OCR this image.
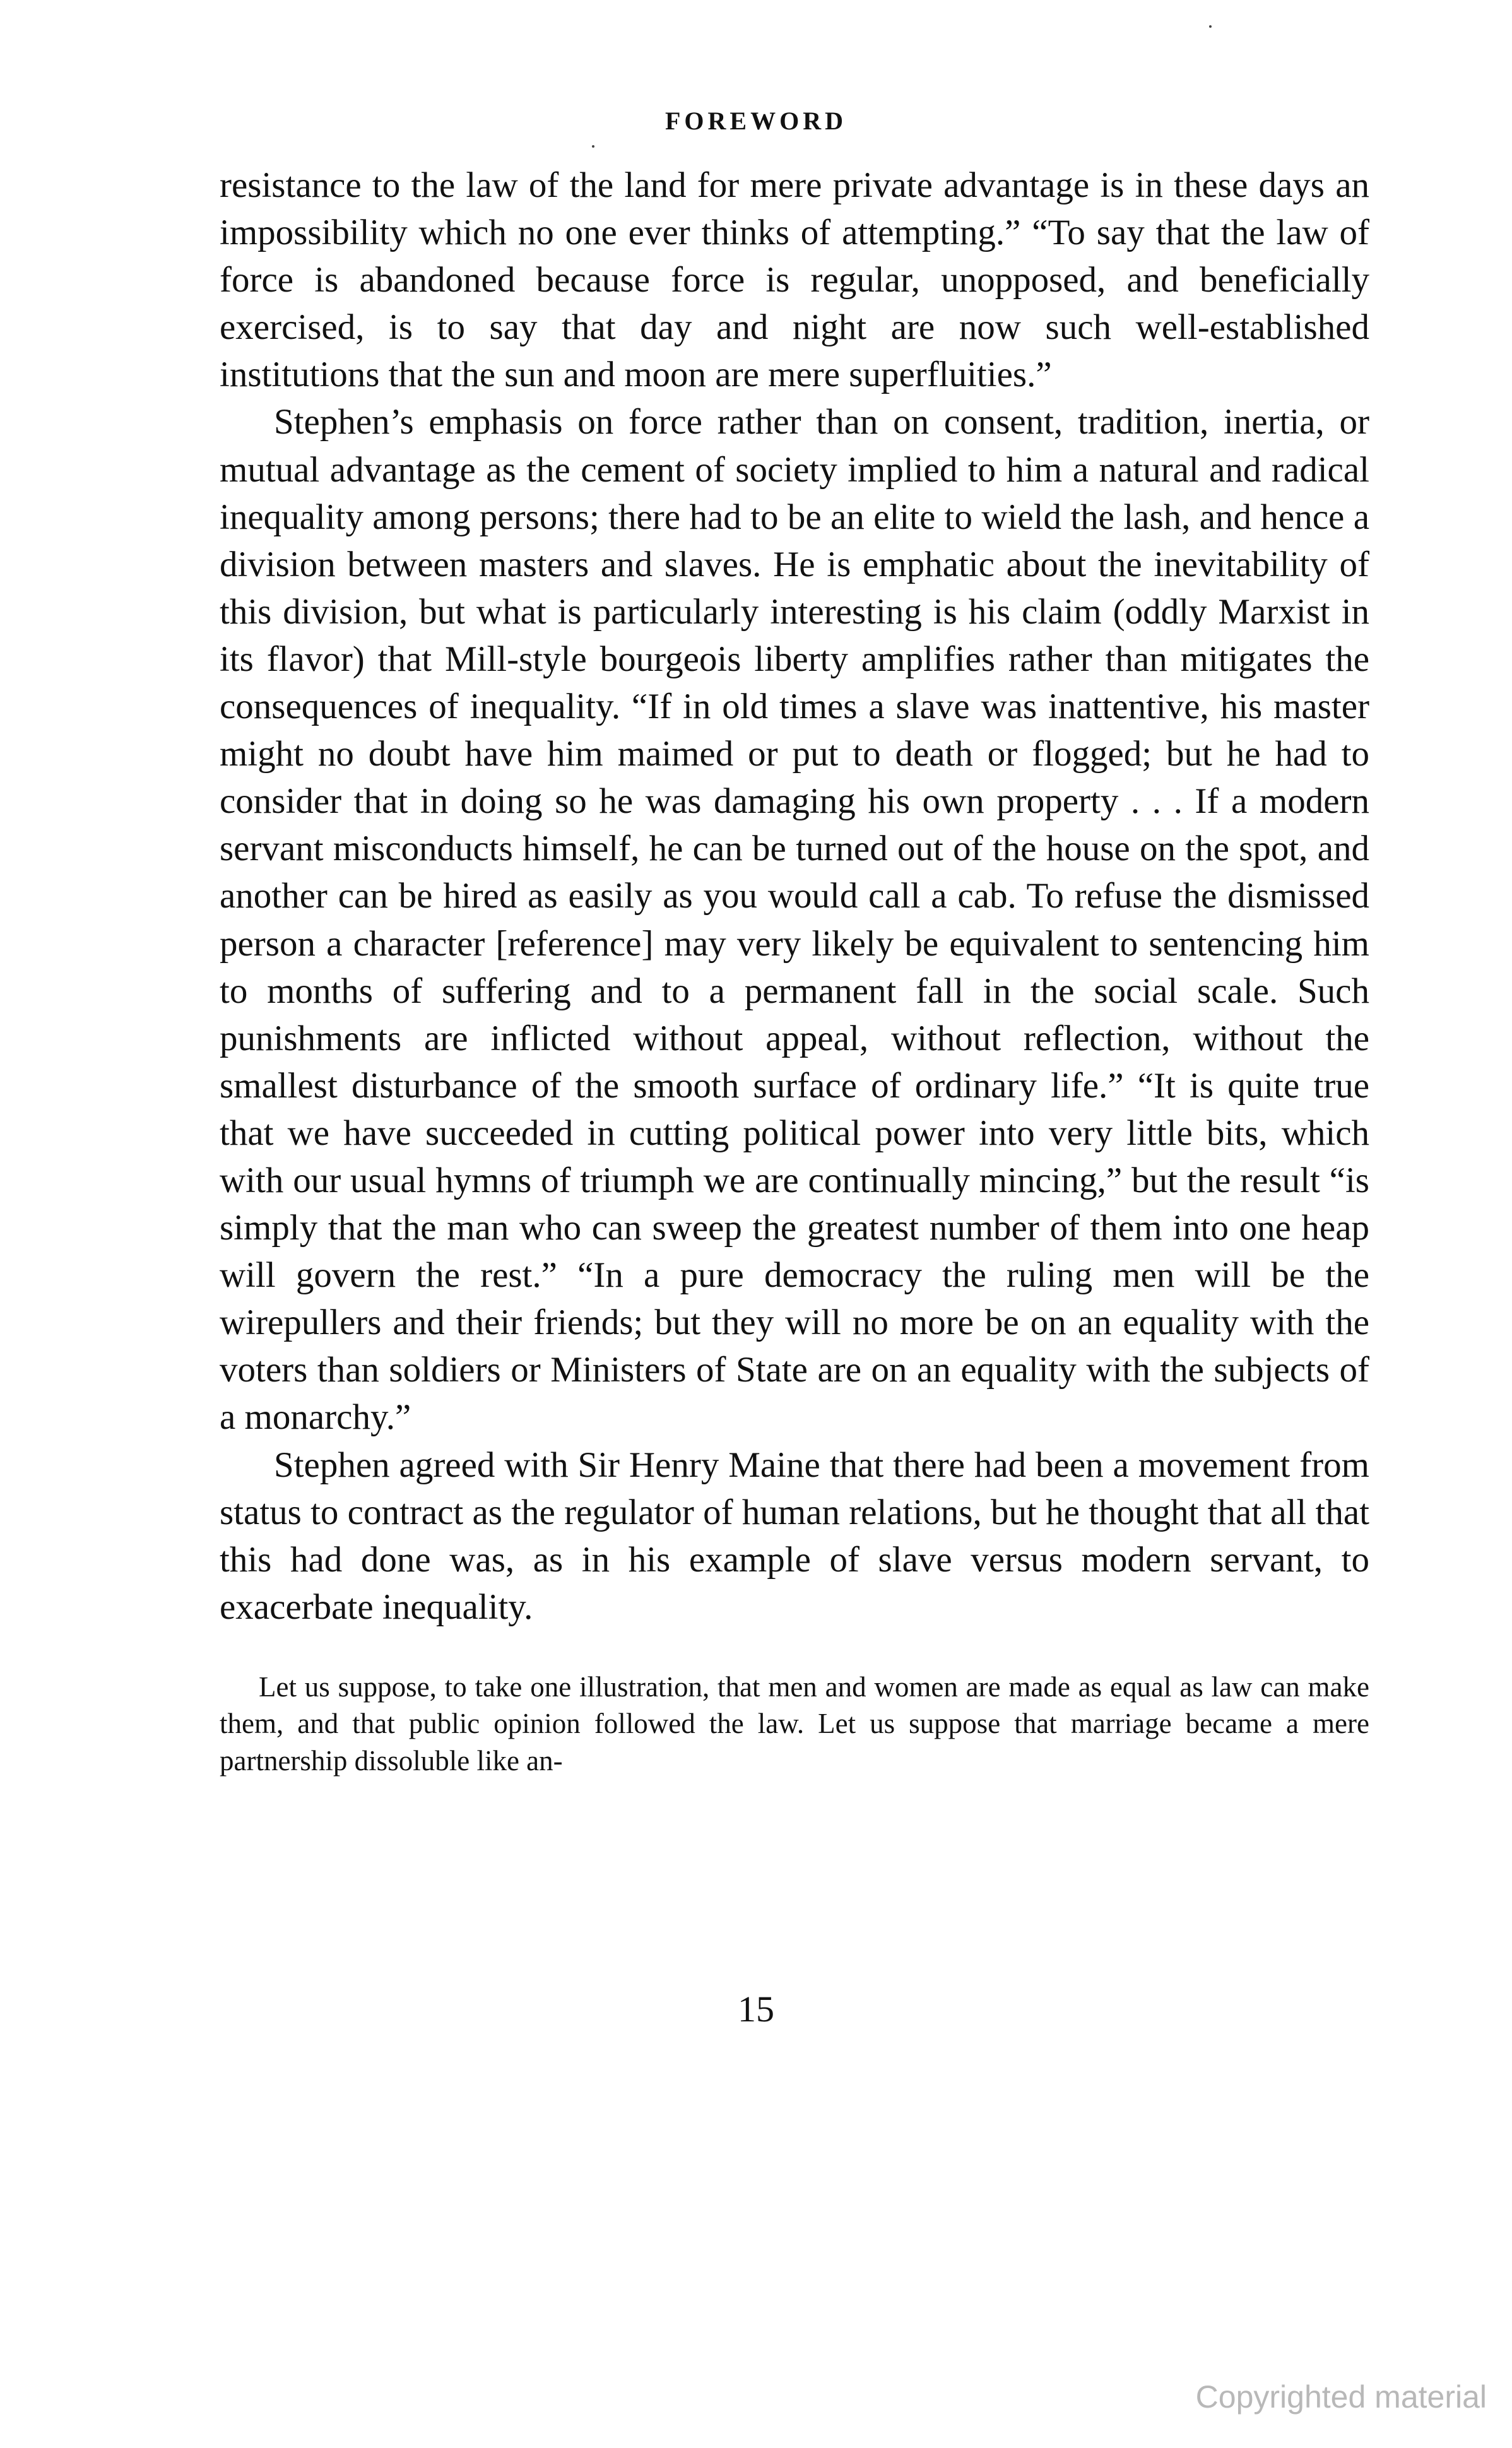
FOREWORD

resistance to the law of the land for mere private advantage is in these days an impossibility which no one ever thinks of attempting.” “To say that the law of force is abandoned because force is regular, unopposed, and beneficially exercised, is to say that day and night are now such well-established institutions that the sun and moon are mere superfluities.”

Stephen’s emphasis on force rather than on consent, tradition, inertia, or mutual advantage as the cement of society implied to him a natural and radical inequality among persons; there had to be an elite to wield the lash, and hence a division between masters and slaves. He is emphatic about the inevitability of this division, but what is particularly interesting is his claim (oddly Marxist in its flavor) that Mill-style bourgeois liberty amplifies rather than mitigates the consequences of inequality. “If in old times a slave was inattentive, his master might no doubt have him maimed or put to death or flogged; but he had to consider that in doing so he was damaging his own property . . . If a modern servant misconducts himself, he can be turned out of the house on the spot, and another can be hired as easily as you would call a cab. To refuse the dismissed person a character [reference] may very likely be equivalent to sentencing him to months of suffering and to a permanent fall in the social scale. Such punishments are inflicted without appeal, without reflection, without the smallest disturbance of the smooth surface of ordinary life.” “It is quite true that we have succeeded in cutting political power into very little bits, which with our usual hymns of triumph we are continually mincing,” but the result “is simply that the man who can sweep the greatest number of them into one heap will govern the rest.” “In a pure democracy the ruling men will be the wirepullers and their friends; but they will no more be on an equality with the voters than soldiers or Ministers of State are on an equality with the subjects of a monarchy.”

Stephen agreed with Sir Henry Maine that there had been a movement from status to contract as the regulator of human relations, but he thought that all that this had done was, as in his example of slave versus modern servant, to exacerbate inequality.

Let us suppose, to take one illustration, that men and women are made as equal as law can make them, and that public opinion followed the law. Let us suppose that marriage became a mere partnership dissoluble like an-

15
Copyrighted material
